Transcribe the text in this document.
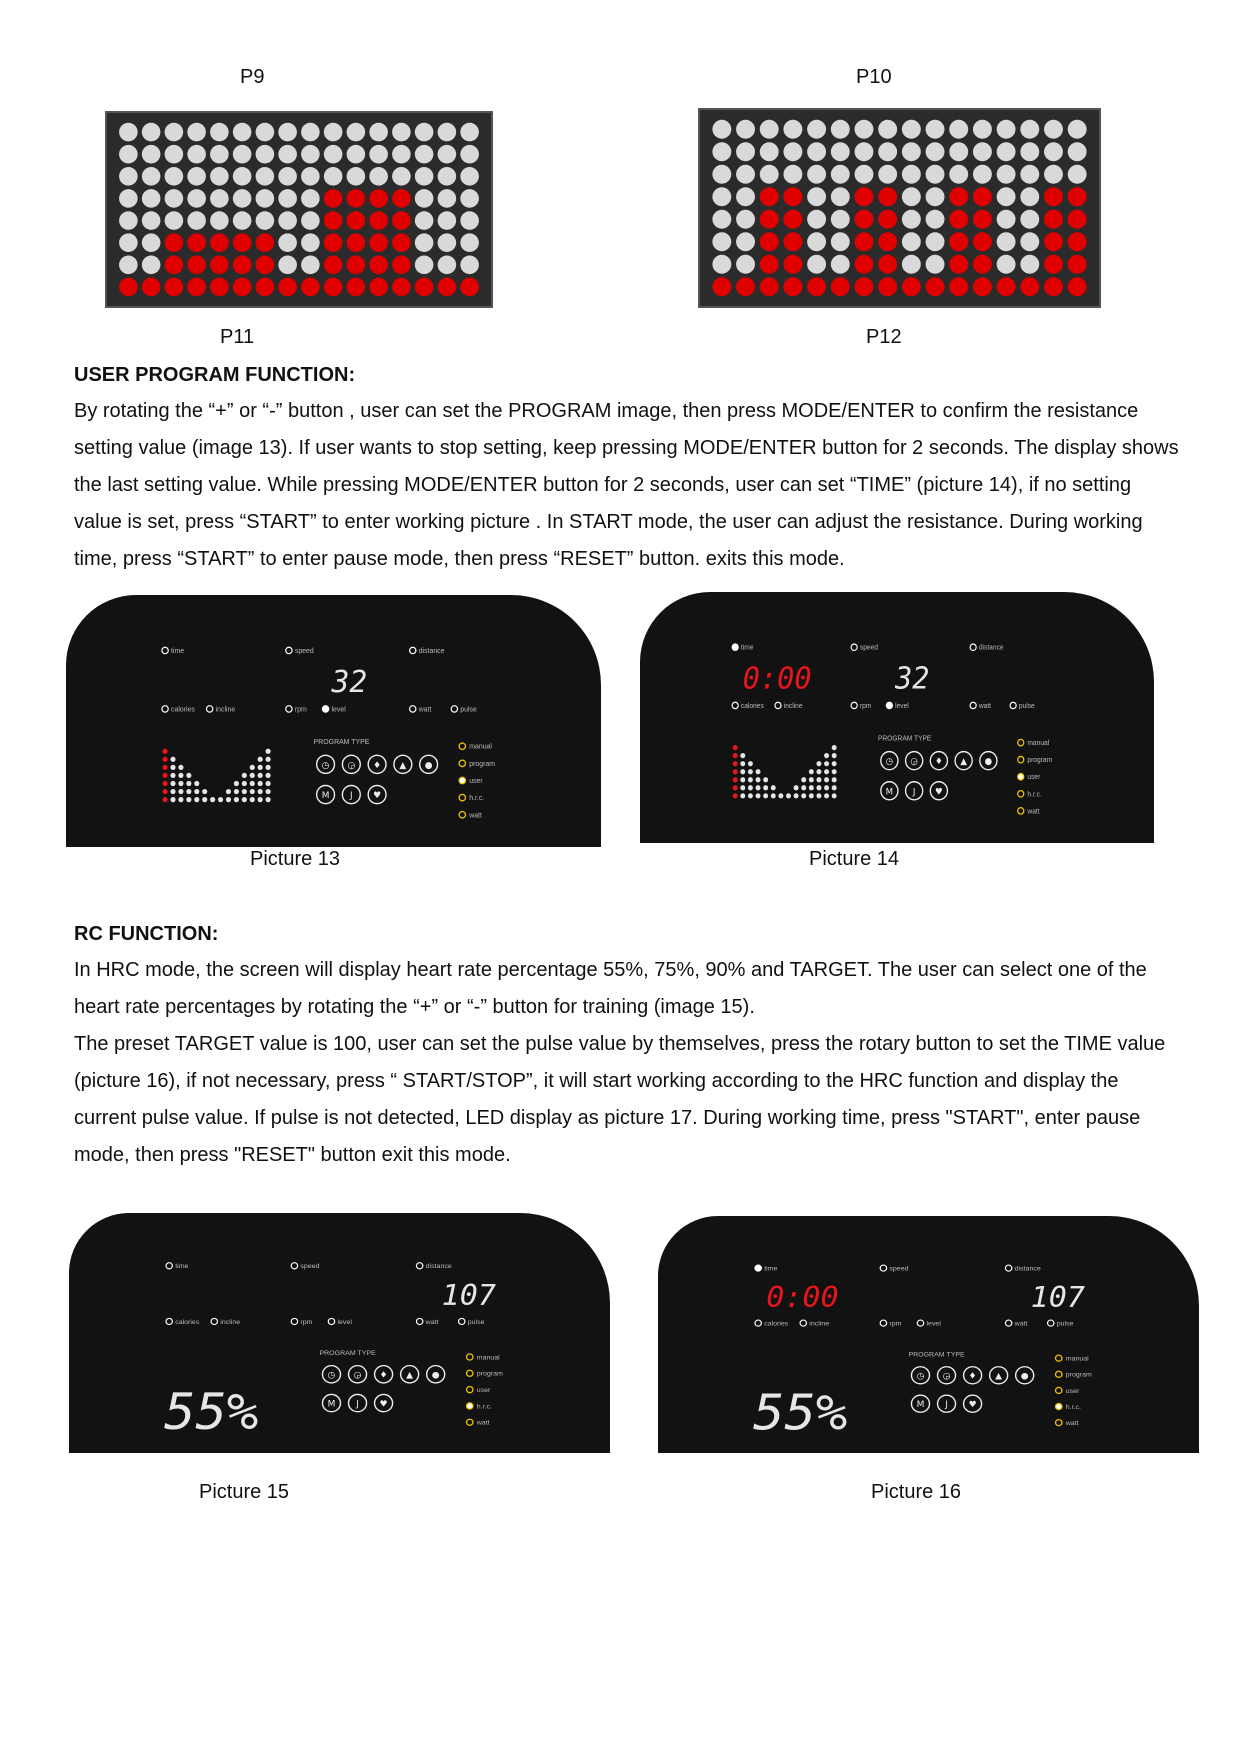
P9	P10
P11	P12
USER PROGRAM FUNCTION:
By rotating the “+” or “-” button , user can set the PROGRAM image, then press MODE/ENTER to confirm the resistance setting value (image 13). If user wants to stop setting, keep pressing MODE/ENTER button for 2 seconds. The display shows the last setting value. While pressing MODE/ENTER button for 2 seconds, user can set “TIME” (picture 14), if no setting value is set, press “START” to enter working picture . In START mode, the user can adjust the resistance. During working time, press “START” to enter pause mode, then press “RESET” button. exits this mode.
time	speed	distance
calories	incline	rpm	level	watt	pulse
32
PROGRAM TYPE
◷ ◶ ♦ ▲ ●
M J ♥
manual
program
user
h.r.c.
watt
time	speed	distance
calories	incline	rpm	level	watt	pulse
0:00	32
PROGRAM TYPE
◷ ◶ ♦ ▲ ●
M J ♥
manual
program
user
h.r.c.
watt
Picture 13	Picture 14
RC FUNCTION:
In HRC mode, the screen will display heart rate percentage 55%, 75%, 90% and TARGET. The user can select one of the heart rate percentages by rotating the “+” or “-” button for training (image 15).
The preset TARGET value is 100, user can set the pulse value by themselves, press the rotary button to set the TIME value (picture 16), if not necessary, press “ START/STOP”, it will start working according to the HRC function and display the current pulse value. If pulse is not detected, LED display as picture 17. During working time, press "START", enter pause mode, then press "RESET" button exit this mode.
time	speed	distance
calories	incline	rpm	level	watt	pulse
107
PROGRAM TYPE
◷ ◶ ♦ ▲ ●
M J ♥
manual
program
user
h.r.c.
watt
55%
time	speed	distance
calories	incline	rpm	level	watt	pulse
0:00	107
PROGRAM TYPE
◷ ◶ ♦ ▲ ●
M J ♥
manual
program
user
h.r.c.
watt
55%
Picture 15	Picture 16
